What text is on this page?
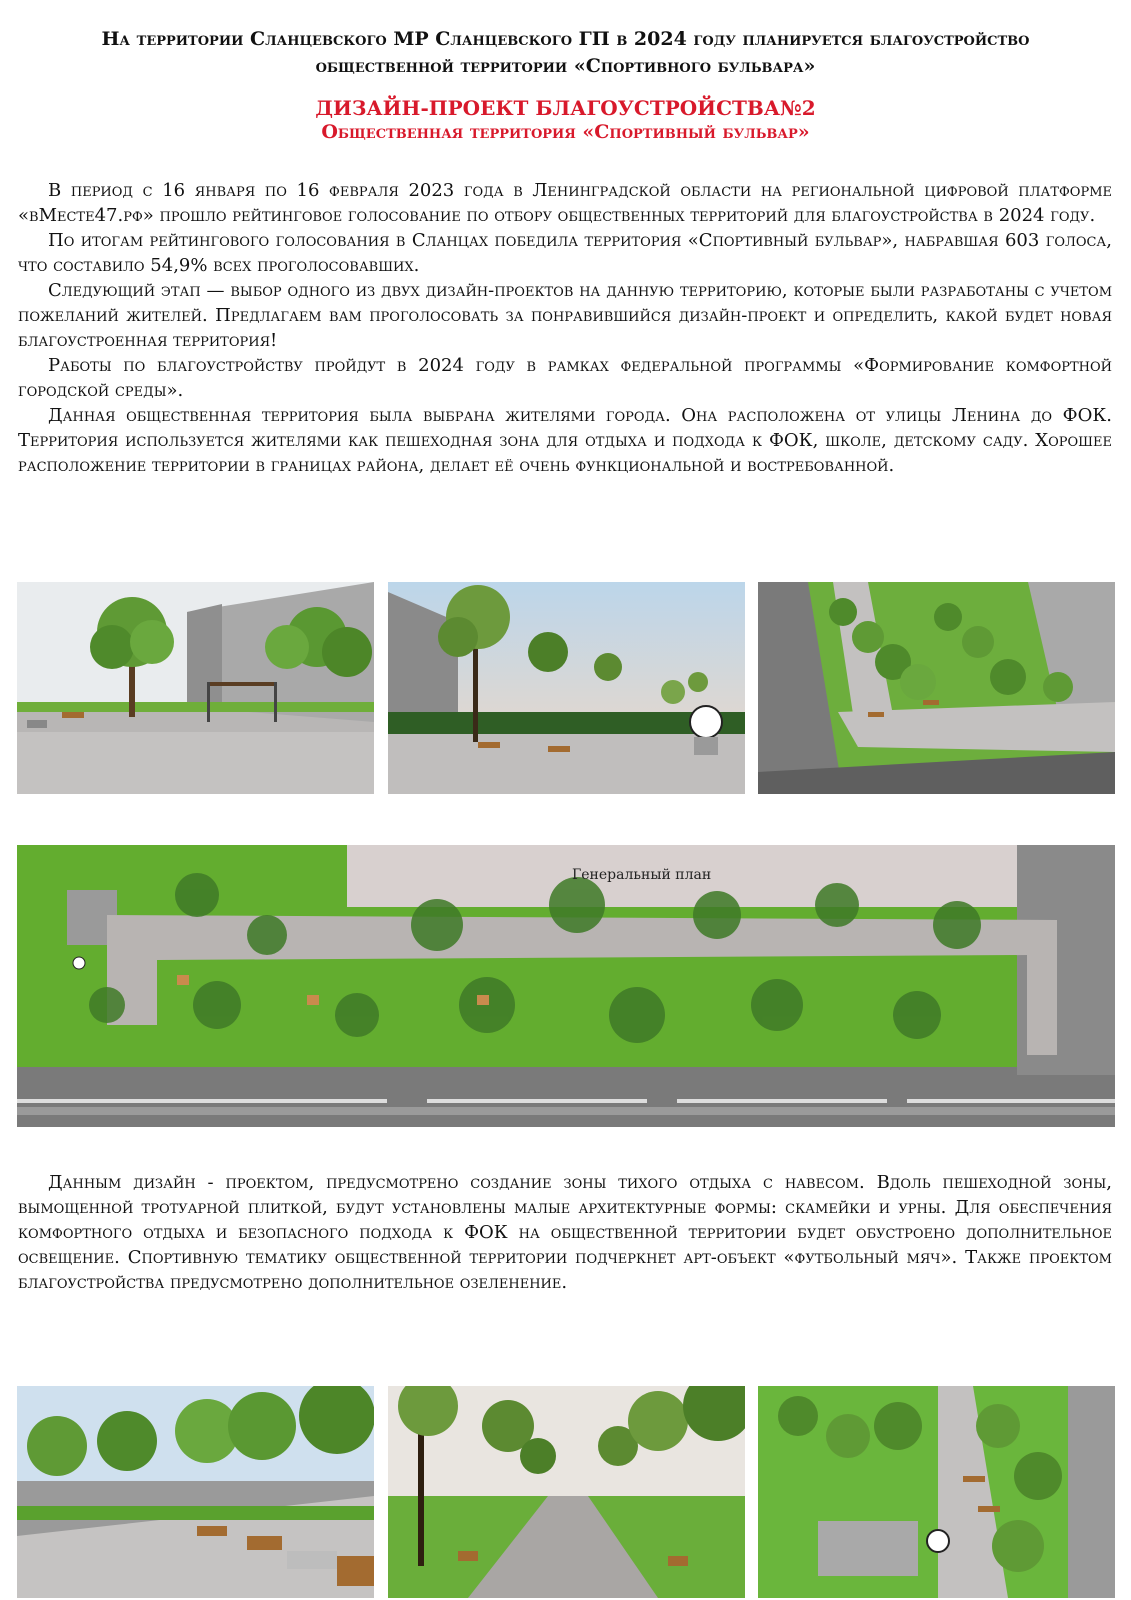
На территории Сланцевского МР Сланцевского ГП в 2024 году планируется благоустройство
общественной территории «Спортивного бульвара»
ДИЗАЙН-ПРОЕКТ БЛАГОУСТРОЙСТВА№2
Общественная территория «Спортивный бульвар»

В период с 16 января по 16 февраля 2023 года в Ленинградской области на региональной цифровой платформе «вМесте47.рф» прошло рейтинговое голосование по отбору общественных территорий для благоустройства в 2024 году.

По итогам рейтингового голосования в Сланцах победила территория «Спортивный бульвар», набравшая 603 голоса, что составило 54,9% всех проголосовавших.

Следующий этап — выбор одного из двух дизайн-проектов на данную территорию, которые были разработаны с учетом пожеланий жителей. Предлагаем вам проголосовать за понравившийся дизайн-проект и определить, какой будет новая благоустроенная территория!

Работы по благоустройству пройдут в 2024 году в рамках федеральной программы «Формирование комфортной городской среды».

Данная общественная территория была выбрана жителями города. Она расположена от улицы Ленина до ФОК. Территория используется жителями как пешеходная зона для отдыха и подхода к ФОК, школе, детскому саду. Хорошее расположение территории в границах района, делает её очень функциональной и востребованной.

Генеральный план

Данным дизайн - проектом, предусмотрено создание зоны тихого отдыха с навесом. Вдоль пешеходной зоны, вымощенной тротуарной плиткой, будут установлены малые архитектурные формы: скамейки и урны. Для обеспечения комфортного отдыха и безопасного подхода к ФОК на общественной территории будет обустроено дополнительное освещение. Спортивную тематику общественной территории подчеркнет арт-объект «футбольный мяч». Также проектом благоустройства предусмотрено дополнительное озеленение.
